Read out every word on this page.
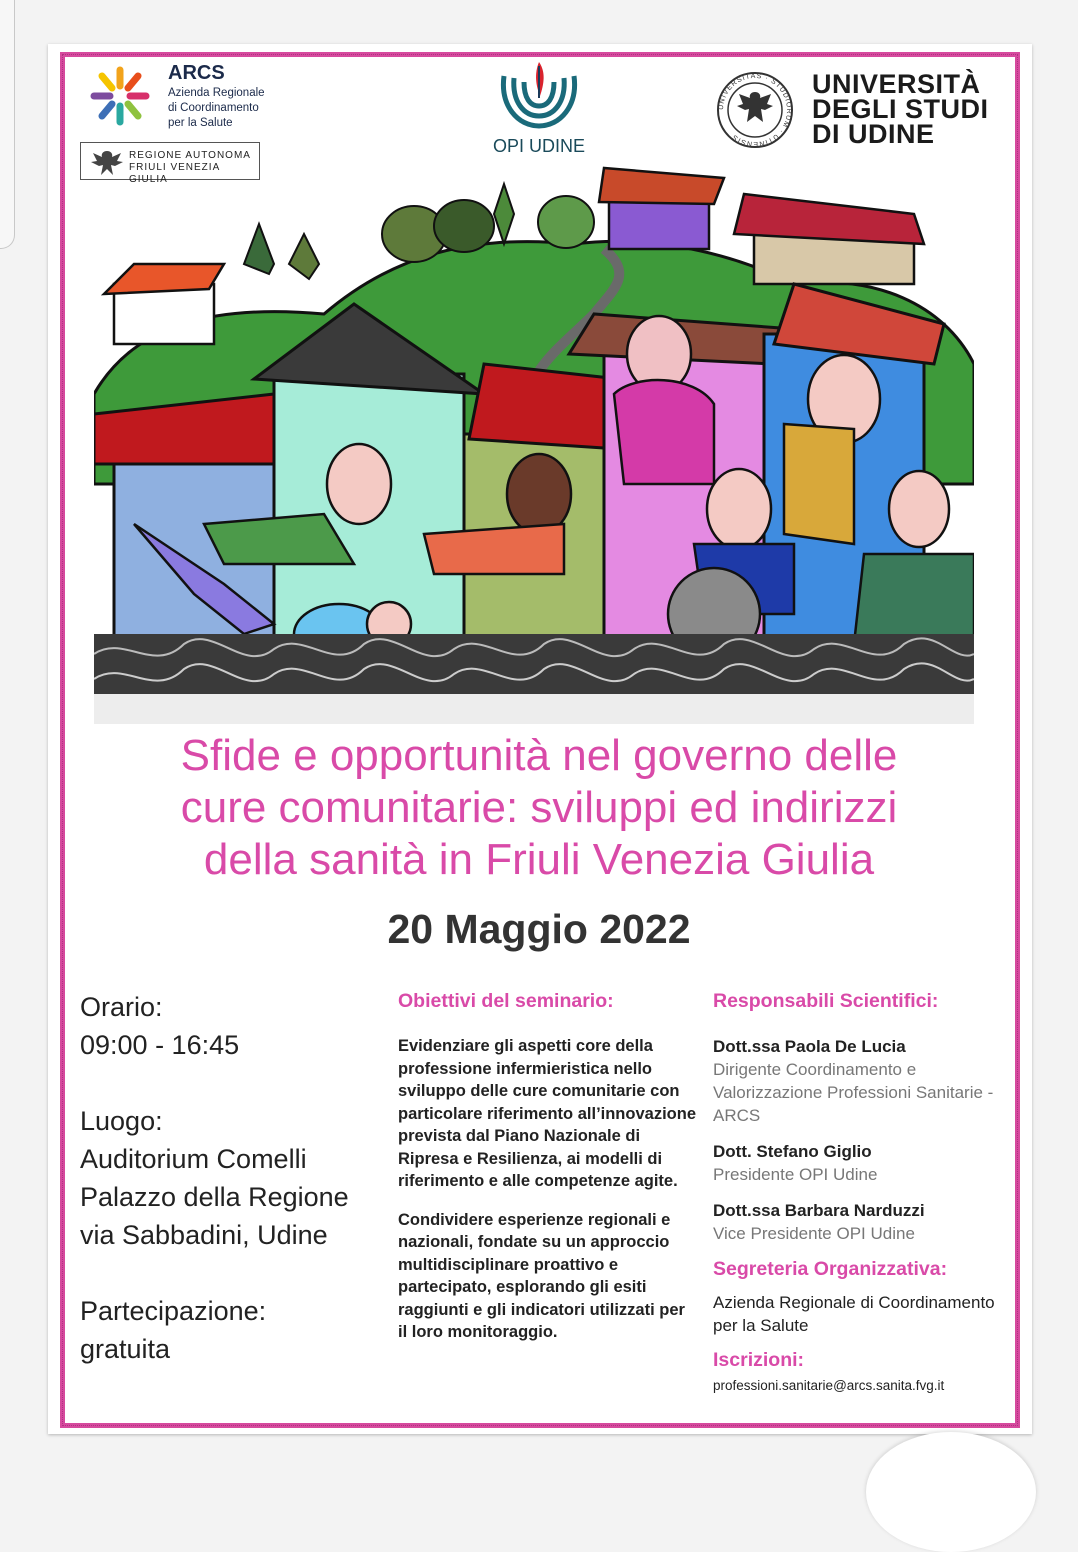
ARCS
Azienda Regionale
di Coordinamento
per la Salute
REGIONE AUTONOMA
FRIULI VENEZIA GIULIA
OPI UDINE
UNIVERSITAS · STUDIORUM · UTINENSIS
UNIVERSITÀ
DEGLI STUDI
DI UDINE
Sfide e opportunità nel governo delle
cure comunitarie: sviluppi ed indirizzi
della sanità in Friuli Venezia Giulia
20 Maggio 2022
Orario:
09:00 - 16:45
Luogo:
Auditorium Comelli
Palazzo della Regione
via Sabbadini, Udine
Partecipazione:
gratuita
Obiettivi del seminario:

Evidenziare gli aspetti core della professione infermieristica nello sviluppo delle cure comunitarie con particolare riferimento all’innovazione prevista dal Piano Nazionale di Ripresa e Resilienza, ai modelli di riferimento e alle competenze agite.

Condividere esperienze regionali e nazionali, fondate su un approccio multidisciplinare proattivo e partecipato, esplorando gli esiti raggiunti e gli indicatori utilizzati per il loro monitoraggio.

Responsabili Scientifici:
Dott.ssa Paola De Lucia
Dirigente Coordinamento e Valorizzazione Professioni Sanitarie - ARCS
Dott. Stefano Giglio
Presidente OPI Udine
Dott.ssa Barbara Narduzzi
Vice Presidente OPI Udine
Segreteria Organizzativa:
Azienda Regionale di Coordinamento per la Salute
Iscrizioni:
professioni.sanitarie@arcs.sanita.fvg.it
